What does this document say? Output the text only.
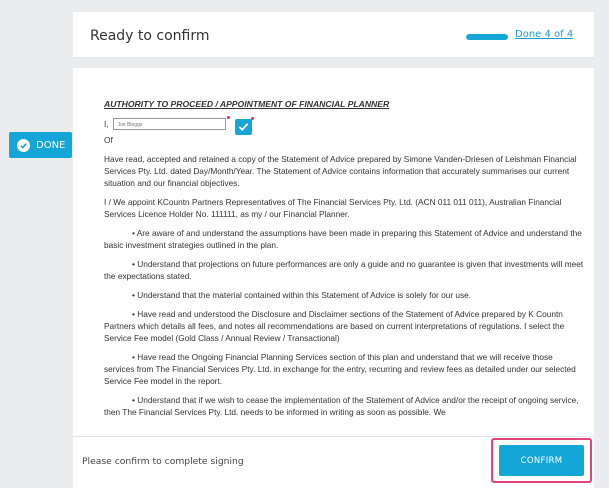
Ready to confirm	Done 4 of 4
DONE
AUTHORITY TO PROCEED / APPOINTMENT OF FINANCIAL PLANNER
I,	Joe Bloggs
Of
Have read, accepted and retained a copy of the Statement of Advice prepared by Simone Vanden-Driesen of Leishman Financial Services Pty. Ltd. dated Day/Month/Year. The Statement of Advice contains information that accurately summarises our current situation and our financial objectives.
I / We appoint KCountn Partners Representatives of The Financial Services Pty. Ltd. (ACN 011 011 011), Australian Financial Services Licence Holder No. 111111, as my / our Financial Planner.
• Are aware of and understand the assumptions have been made in preparing this Statement of Advice and understand the basic investment strategies outlined in the plan.
• Understand that projections on future performances are only a guide and no guarantee is given that investments will meet the expectations stated.
• Understand that the material contained within this Statement of Advice is solely for our use.
• Have read and understood the Disclosure and Disclaimer sections of the Statement of Advice prepared by K Countn Partners which details all fees, and notes all recommendations are based on current interpretations of regulations. I select the Service Fee model (Gold Class / Annual Review / Transactional)
• Have read the Ongoing Financial Planning Services section of this plan and understand that we will receive those services from The Financial Services Pty. Ltd. in exchange for the entry, recurring and review fees as detailed under our selected Service Fee model in the report.
• Understand that if we wish to cease the implementation of the Statement of Advice and/or the receipt of ongoing service, then The Financial Services Pty. Ltd. needs to be informed in writing as soon as possible. We
Please confirm to complete signing	CONFIRM
